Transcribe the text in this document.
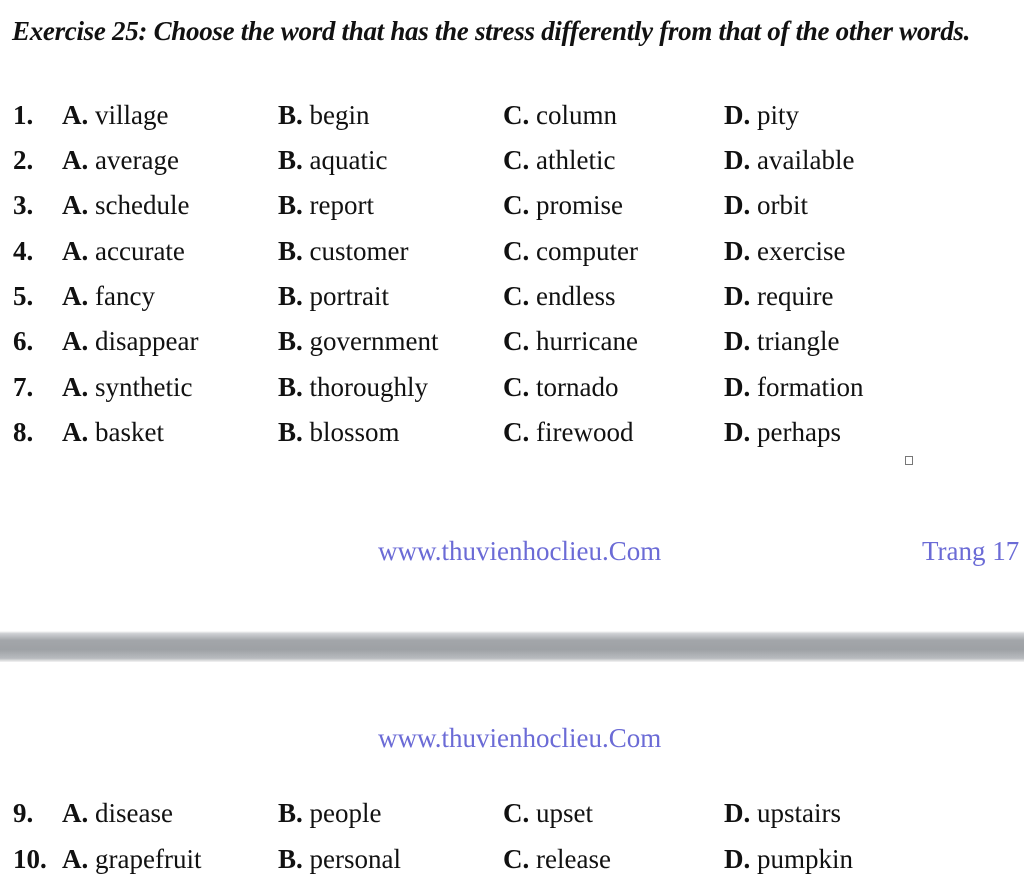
Exercise 25: Choose the word that has the stress differently from that of the other words.
1. A. village	B. begin	C. column	D. pity
2. A. average	B. aquatic	C. athletic	D. available
3. A. schedule	B. report	C. promise	D. orbit
4. A. accurate	B. customer	C. computer	D. exercise
5. A. fancy	B. portrait	C. endless	D. require
6. A. disappear	B. government C. hurricane	D. triangle
7. A. synthetic	B. thoroughly	C. tornado	D. formation
8. A. basket	B. blossom	C. firewood	D. perhaps
www.thuvienhoclieu.Com	Trang 17
www.thuvienhoclieu.Com
9. A. disease	B. people	C. upset	D. upstairs
10. A. grapefruit	B. personal	C. release	D. pumpkin
